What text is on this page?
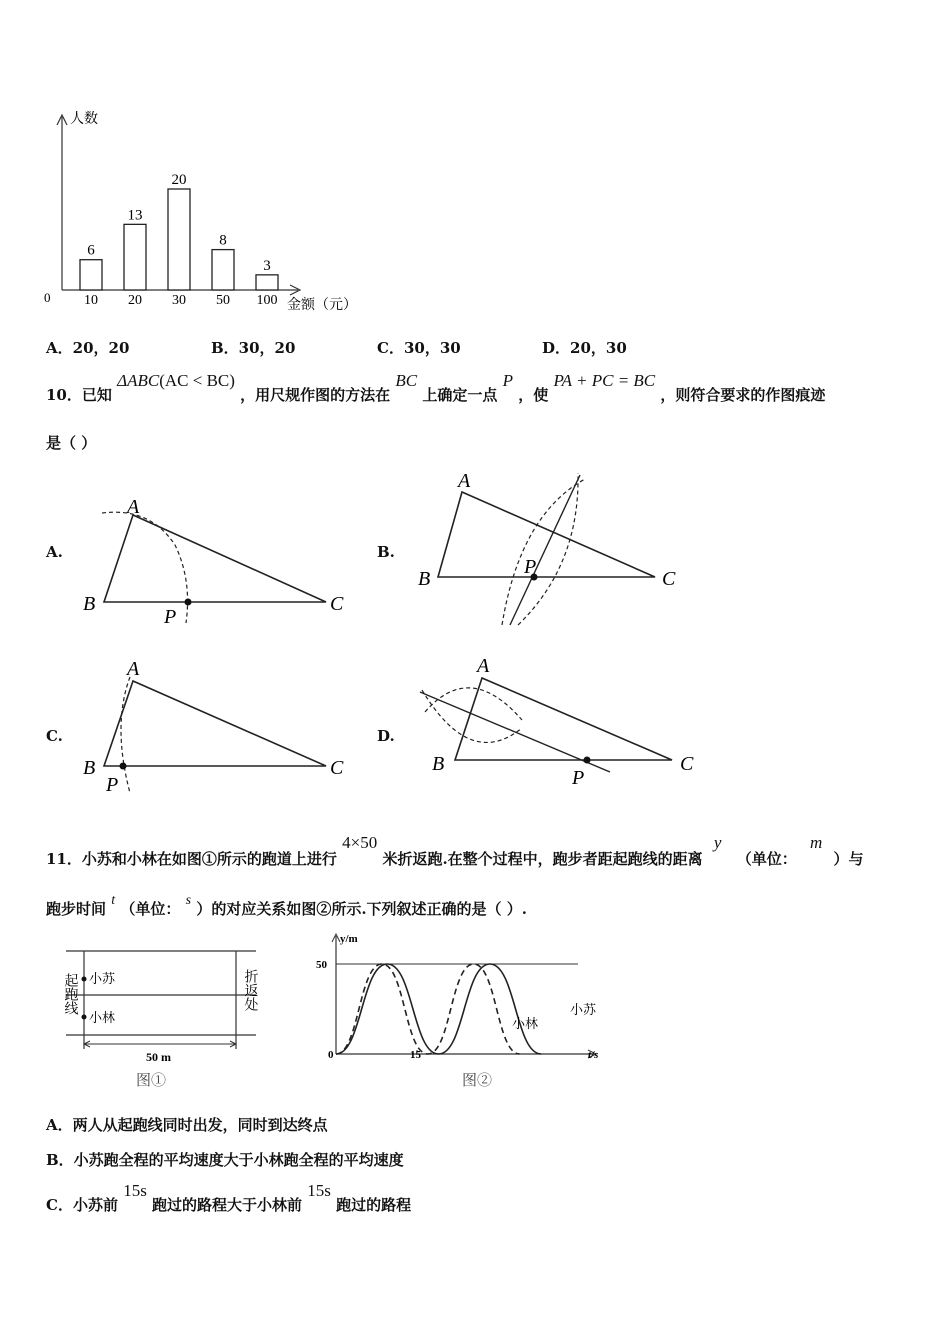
人数
金额（元）
0
6
10
13
20
20
30
8
50
3
100
A．20，20	B．30，20	C．30，30	D．20，30
10．已知 ΔABC(AC < BC) ，用尺规作图的方法在 BC 上确定一点 P ，使 PA + PC = BC ，则符合要求的作图痕迹
是（ ）
A.	B.
C.	D.
A
B	C
P
A
B	C
P
A
B	C
P
A
B	C
P
11．小苏和小林在如图①所示的跑道上进行 4×50 米折返跑.在整个过程中，跑步者距起跑线的距离 y （单位： m ）与
跑步时间 t （单位： s ）的对应关系如图②所示.下列叙述正确的是（ ）.
起跑线	折返处
小苏
小林
50 m
图①
y/m
t/s
0
50
15
小苏
小林
图②
A．两人从起跑线同时出发，同时到达终点
B．小苏跑全程的平均速度大于小林跑全程的平均速度
C．小苏前 15s 跑过的路程大于小林前 15s 跑过的路程
